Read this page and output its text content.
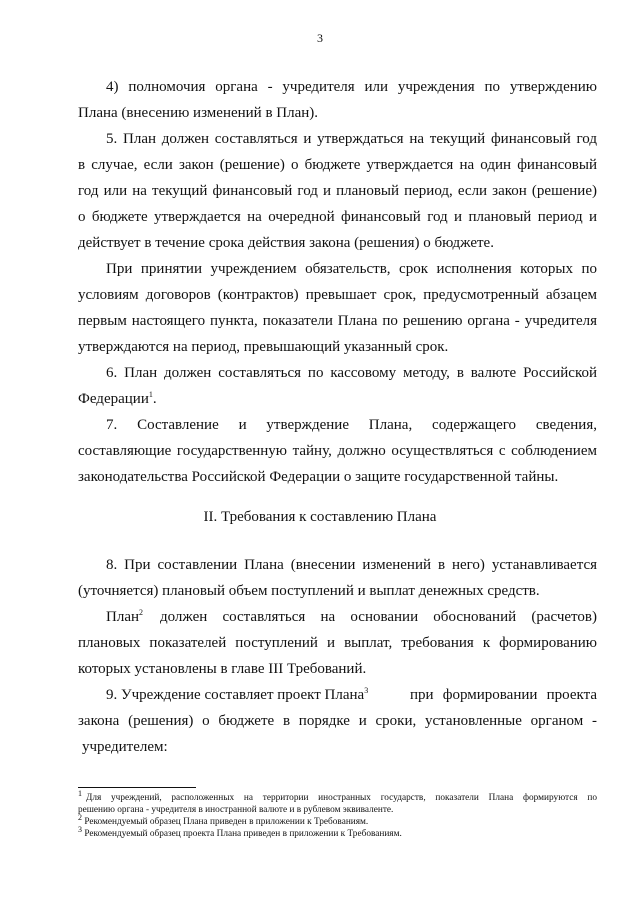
3
4) полномочия органа - учредителя или учреждения по утверждению
Плана (внесению изменений в План).
5. План должен составляться и утверждаться на текущий финансовый год
в случае, если закон (решение) о бюджете утверждается на один финансовый
год или на текущий финансовый год и плановый период, если закон (решение)
о бюджете утверждается на очередной финансовый год и плановый период и
действует в течение срока действия закона (решения) о бюджете.
При принятии учреждением обязательств, срок исполнения которых по
условиям договоров (контрактов) превышает срок, предусмотренный абзацем
первым настоящего пункта, показатели Плана по решению органа - учредителя
утверждаются на период, превышающий указанный срок.
6. План должен составляться по кассовому методу, в валюте Российской
Федерации$^1$.
7. Составление и утверждение Плана, содержащего сведения,
составляющие государственную тайну, должно осуществляться с соблюдением
законодательства Российской Федерации о защите государственной тайны.
II. Требования к составлению Плана
8. При составлении Плана (внесении изменений в него) устанавливается
(уточняется) плановый объем поступлений и выплат денежных средств.
План$^2$ должен составляться на основании обоснований (расчетов)
плановых показателей поступлений и выплат, требования к формированию
которых установлены в главе III Требований.
9. Учреждение составляет проект Плана$^3$	при формировании проекта
закона (решения) о бюджете в порядке и сроки, установленные органом -
учредителем:
$^1$ Для учреждений, расположенных на территории иностранных государств, показатели Плана формируются по
решению органа - учредителя в иностранной валюте и в рублевом эквиваленте.
$^2$ Рекомендуемый образец Плана приведен в приложении к Требованиям.
$^3$ Рекомендуемый образец проекта Плана приведен в приложении к Требованиям.
